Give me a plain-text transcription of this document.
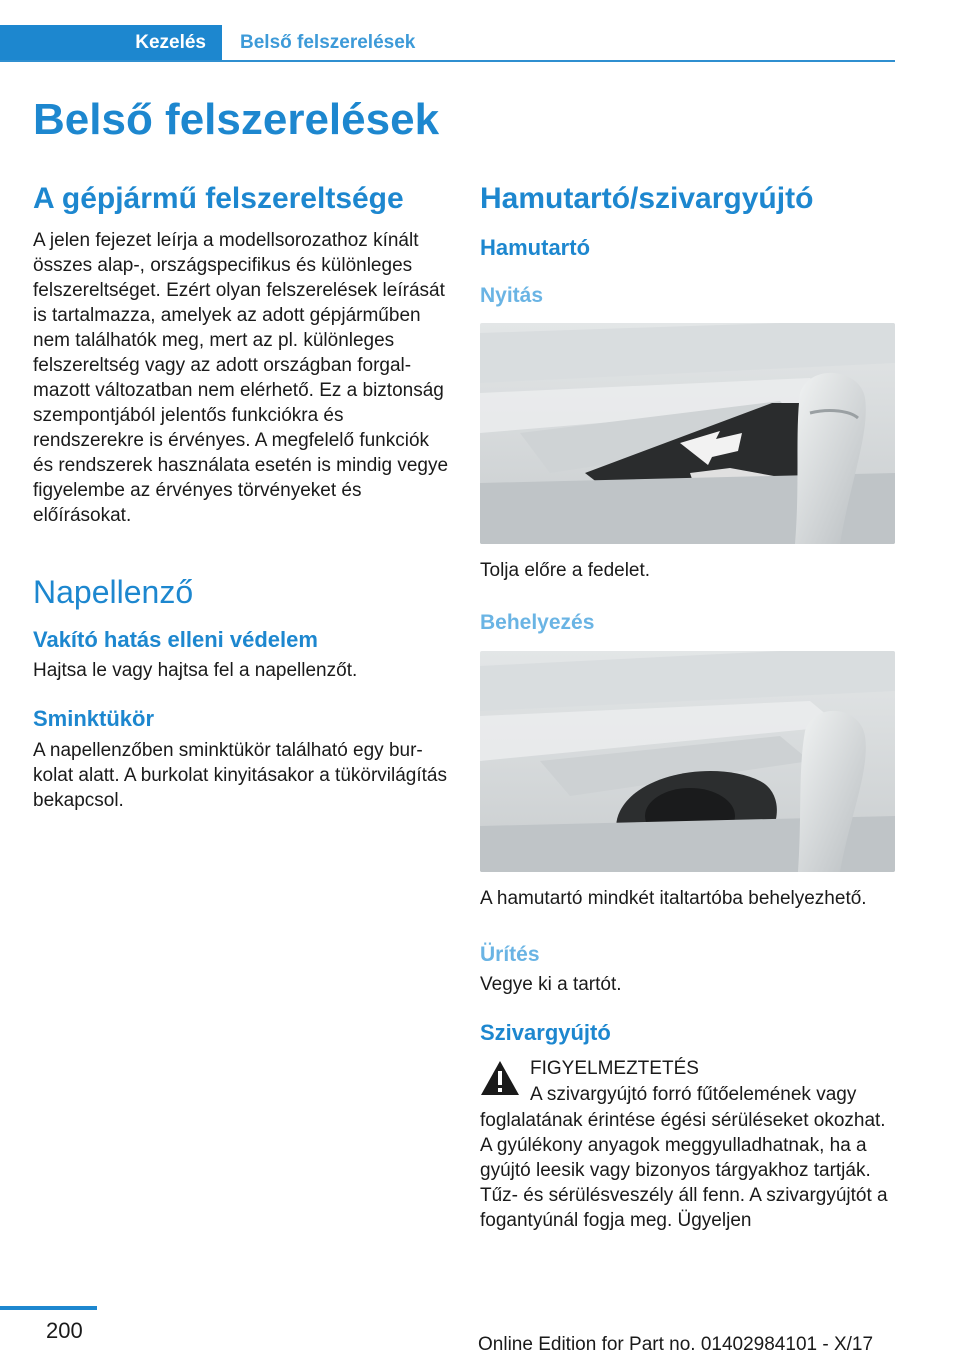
Kezelés	Belső felszerelések
Belső felszerelések
A gépjármű felszereltsége

A jelen fejezet leírja a modellsorozathoz kínált összes alap-, országspecifikus és különleges felszereltséget. Ezért olyan felszerelések leírását is tartalmazza, amelyek az adott gépjárműben nem találhatók meg, mert az pl. különleges felszereltség vagy az adott országban forgalmazott változatban nem elérhető. Ez a biztonság szempontjából jelentős funkciókra és rendszerekre is érvényes. A megfelelő funkciók és rendszerek használata esetén is mindig vegye figyelembe az érvényes törvényeket és előírásokat.

Napellenző
Vakító hatás elleni védelem

Hajtsa le vagy hajtsa fel a napellenzőt.

Sminktükör

A napellenzőben sminktükör található egy burkolat alatt. A burkolat kinyitásakor a tükörvilágítás bekapcsol.

Hamutartó/szivargyújtó
Hamutartó
Nyitás

Tolja előre a fedelet.

Behelyezés

A hamutartó mindkét italtartóba behelyezhető.

Ürítés

Vegye ki a tartót.

Szivargyújtó
FIGYELMEZTETÉS
A szivargyújtó forró fűtőelemének vagy

foglalatának érintése égési sérüléseket okozhat. A gyúlékony anyagok meggyulladhatnak, ha a gyújtó leesik vagy bizonyos tárgyakhoz tartják. Tűz- és sérülésveszély áll fenn. A szivargyújtót a fogantyúnál fogja meg. Ügyeljen

200
Online Edition for Part no. 01402984101 - X/17
